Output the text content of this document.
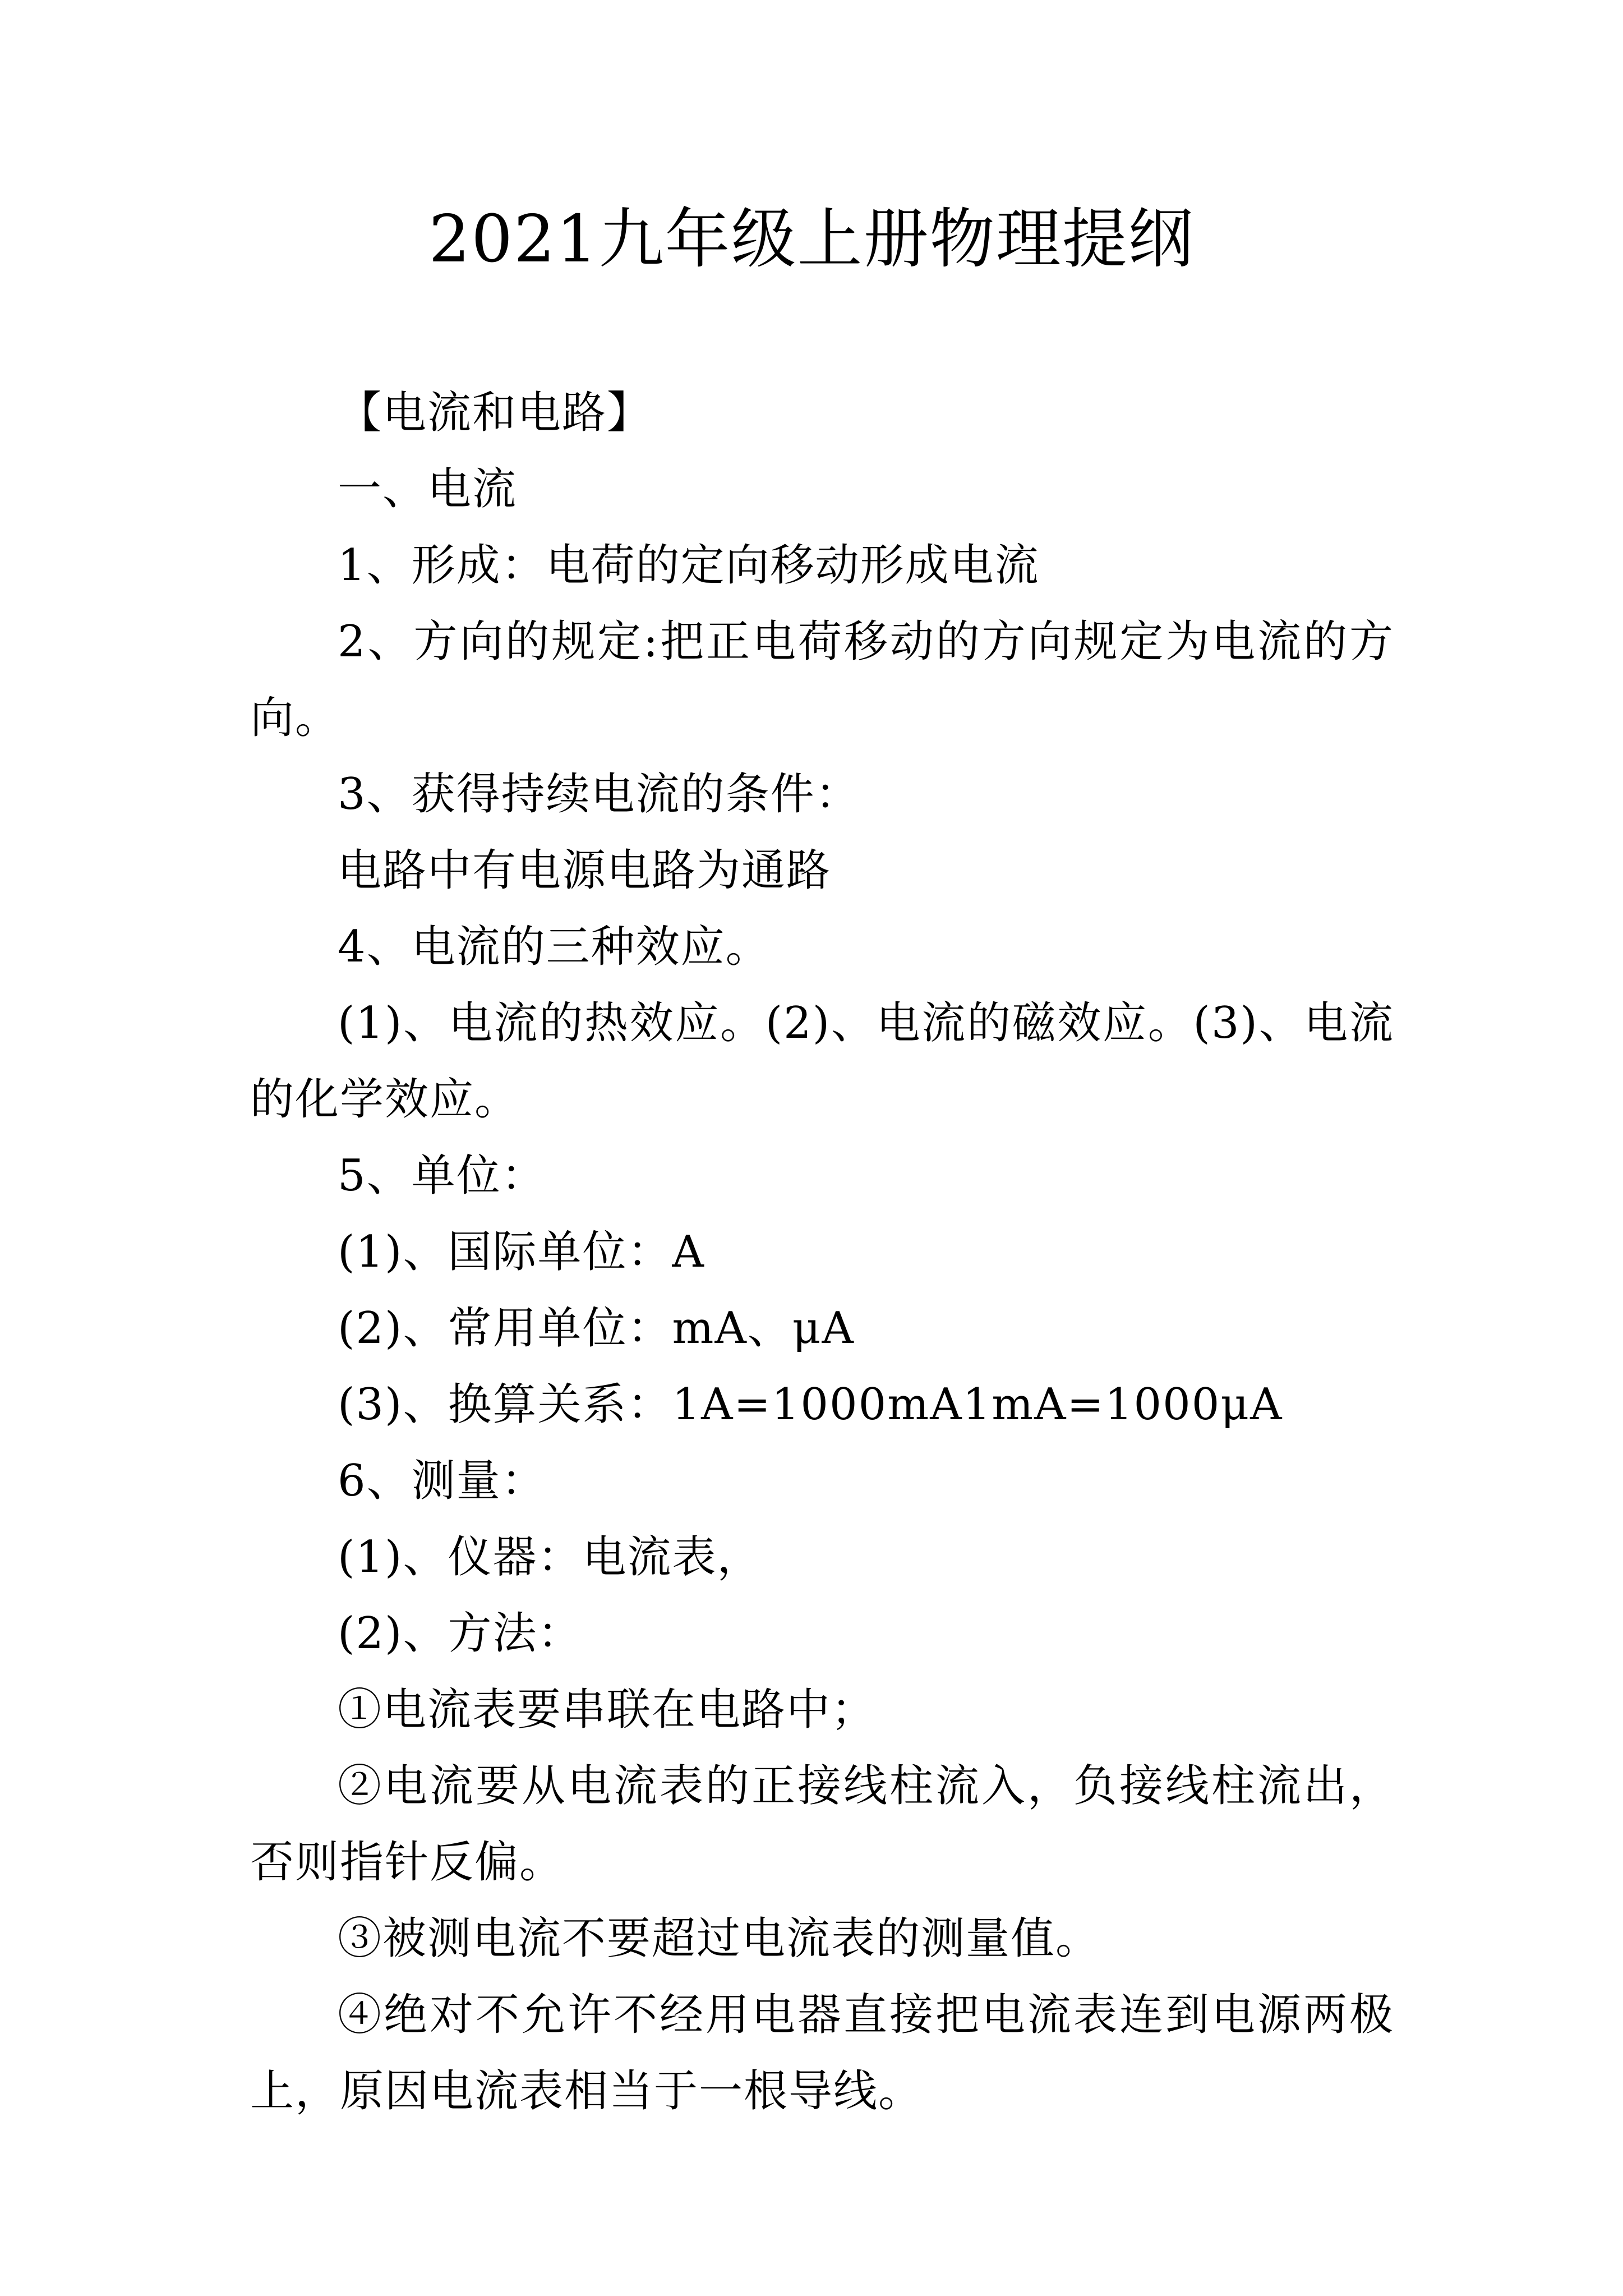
2021九年级上册物理提纲

【电流和电路】

一、电流

1、形成：电荷的定向移动形成电流

2、方向的规定:把正电荷移动的方向规定为电流的方向。

3、获得持续电流的条件：

电路中有电源电路为通路

4、电流的三种效应。

(1)、电流的热效应。(2)、电流的磁效应。(3)、电流的化学效应。

5、单位：

(1)、国际单位：A

(2)、常用单位：mA、μA

(3)、换算关系：1A=1000mA1mA=1000μA

6、测量：

(1)、仪器：电流表，

(2)、方法：

①电流表要串联在电路中；

②电流要从电流表的正接线柱流入，负接线柱流出，否则指针反偏。

③被测电流不要超过电流表的测量值。

④绝对不允许不经用电器直接把电流表连到电源两极上，原因电流表相当于一根导线。
